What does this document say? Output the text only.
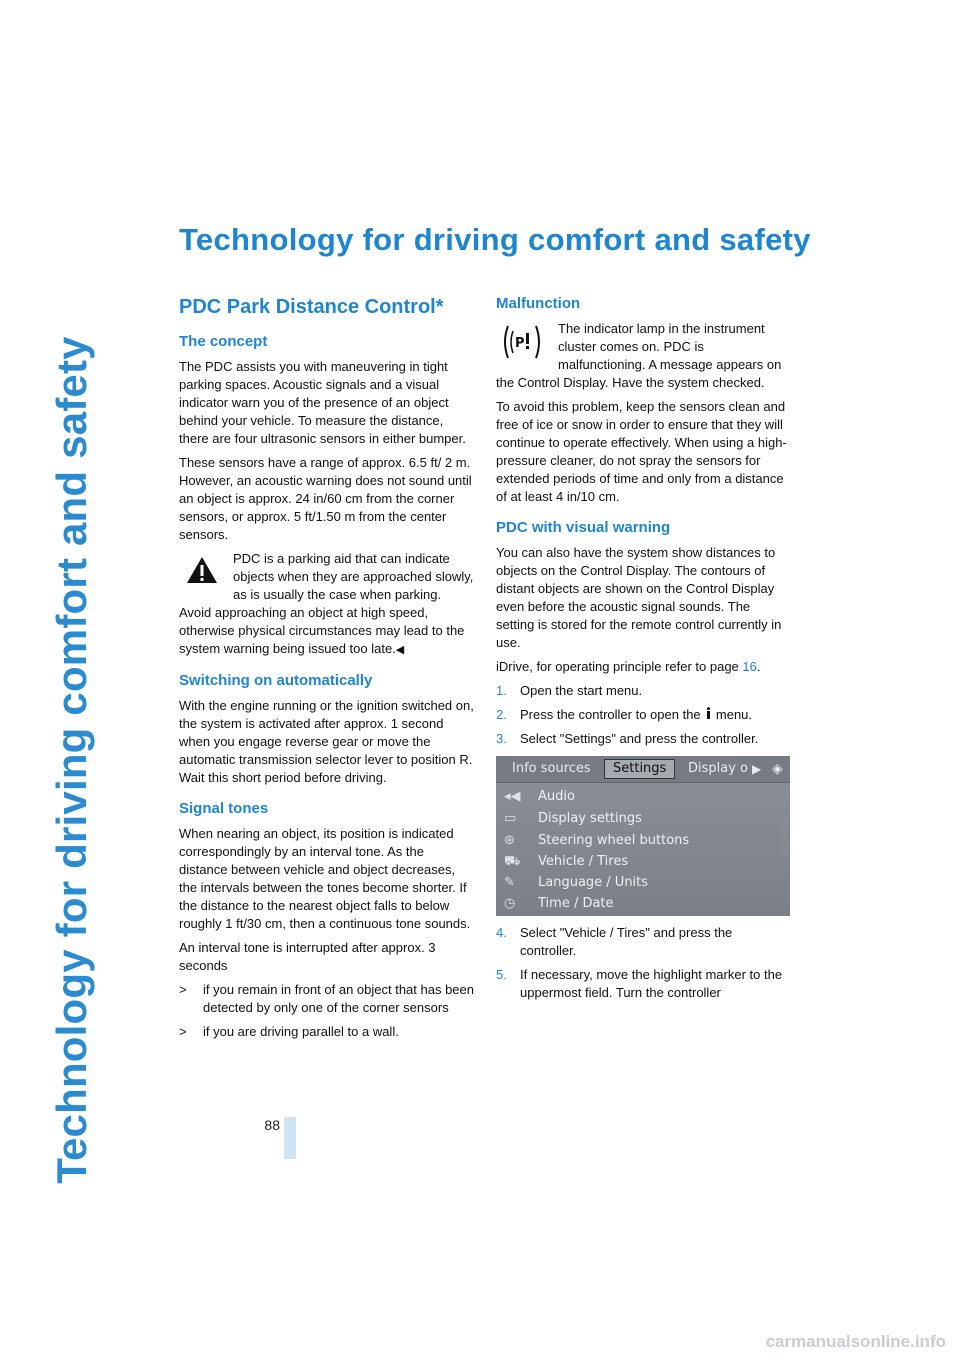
Technology for driving comfort and safety
Technology for driving comfort and safety
PDC Park Distance Control*
The concept

The PDC assists you with maneuvering in tight parking spaces. Acoustic signals and a visual indicator warn you of the presence of an object behind your vehicle. To measure the distance, there are four ultrasonic sensors in either bumper.

These sensors have a range of approx. 6.5 ft/ 2 m. However, an acoustic warning does not sound until an object is approx. 24 in/60 cm from the corner sensors, or approx. 5 ft/1.50 m from the center sensors.

PDC is a parking aid that can indicate objects when they are approached slowly, as is usually the case when parking. Avoid approaching an object at high speed, otherwise physical circumstances may lead to the system warning being issued too late.◀
Switching on automatically

With the engine running or the ignition switched on, the system is activated after approx. 1 second when you engage reverse gear or move the automatic transmission selector lever to position R. Wait this short period before driving.

Signal tones

When nearing an object, its position is indicated correspondingly by an interval tone. As the distance between vehicle and object decreases, the intervals between the tones become shorter. If the distance to the nearest object falls to below roughly 1 ft/30 cm, then a continuous tone sounds.

An interval tone is interrupted after approx. 3 seconds

> if you remain in front of an object that has been detected by only one of the corner sensors
> if you are driving parallel to a wall.
Malfunction
P
The indicator lamp in the instrument cluster comes on. PDC is malfunctioning. A message appears on the Control Display. Have the system checked.

To avoid this problem, keep the sensors clean and free of ice or snow in order to ensure that they will continue to operate effectively. When using a high-pressure cleaner, do not spray the sensors for extended periods of time and only from a distance of at least 4 in/10 cm.

PDC with visual warning

You can also have the system show distances to objects on the Control Display. The contours of distant objects are shown on the Control Display even before the acoustic signal sounds. The setting is stored for the remote control currently in use.

iDrive, for operating principle refer to page 16.

1. Open the start menu.
2. Press the controller to open the  menu.
3. Select "Settings" and press the controller.
Info sources	Settings	Display o ▶ ◈
◂◀ Audio
▭ Display settings
⊛ Steering wheel buttons
⛟ Vehicle / Tires
✎ Language / Units
◷ Time / Date
US0198CA
4. Select "Vehicle / Tires" and press the controller.
5. If necessary, move the highlight marker to the uppermost field. Turn the controller
88
carmanualsonline.info
